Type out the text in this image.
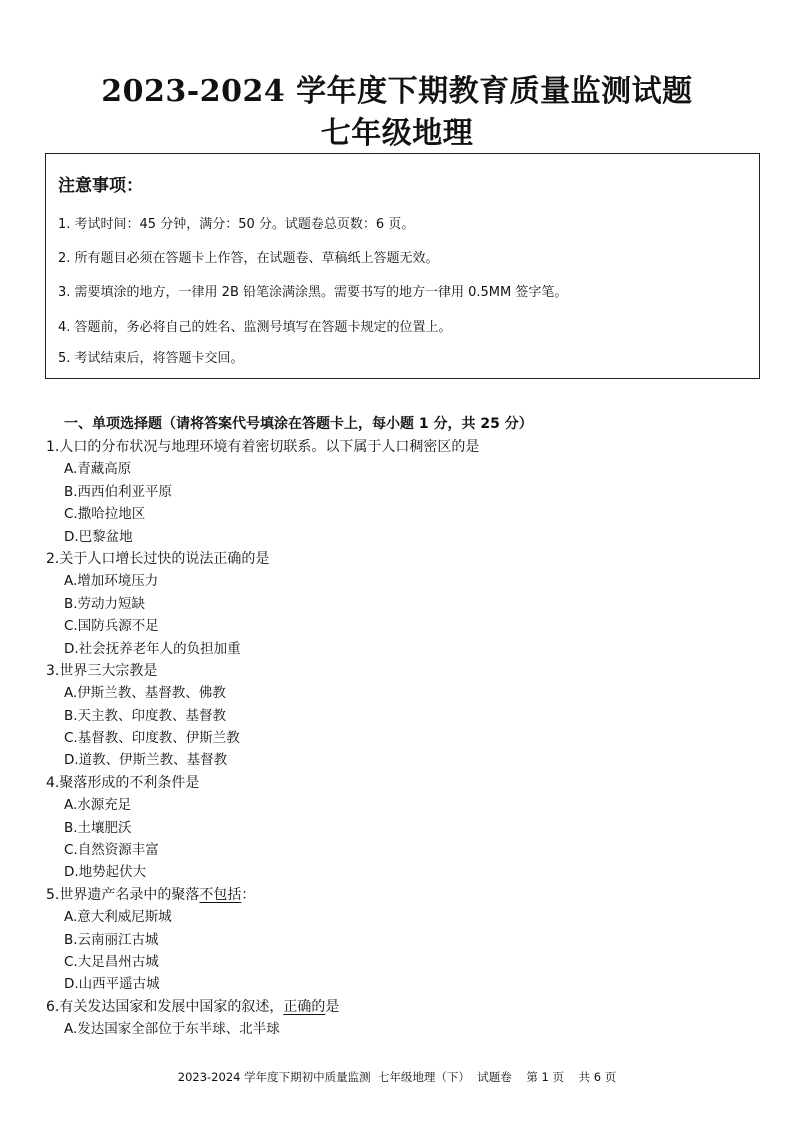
2023-2024 学年度下期教育质量监测试题
七年级地理
注意事项：
1. 考试时间：45 分钟，满分：50 分。试题卷总页数：6 页。
2. 所有题目必须在答题卡上作答，在试题卷、草稿纸上答题无效。
3. 需要填涂的地方，一律用 2B 铅笔涂满涂黑。需要书写的地方一律用 0.5MM 签字笔。
4. 答题前，务必将自己的姓名、监测号填写在答题卡规定的位置上。
5. 考试结束后，将答题卡交回。
一、单项选择题（请将答案代号填涂在答题卡上，每小题 1 分，共 25 分）
1.人口的分布状况与地理环境有着密切联系。以下属于人口稠密区的是
A.青藏高原
B.西西伯利亚平原
C.撒哈拉地区
D.巴黎盆地
2.关于人口增长过快的说法正确的是
A.增加环境压力
B.劳动力短缺
C.国防兵源不足
D.社会抚养老年人的负担加重
3.世界三大宗教是
A.伊斯兰教、基督教、佛教
B.天主教、印度教、基督教
C.基督教、印度教、伊斯兰教
D.道教、伊斯兰教、基督教
4.聚落形成的不利条件是
A.水源充足
B.土壤肥沃
C.自然资源丰富
D.地势起伏大
5.世界遗产名录中的聚落不包括：
A.意大利威尼斯城
B.云南丽江古城
C.大足昌州古城
D.山西平遥古城
6.有关发达国家和发展中国家的叙述，正确的是
A.发达国家全部位于东半球、北半球
2023-2024 学年度下期初中质量监测  七年级地理（下）  试题卷    第 1 页    共 6 页
